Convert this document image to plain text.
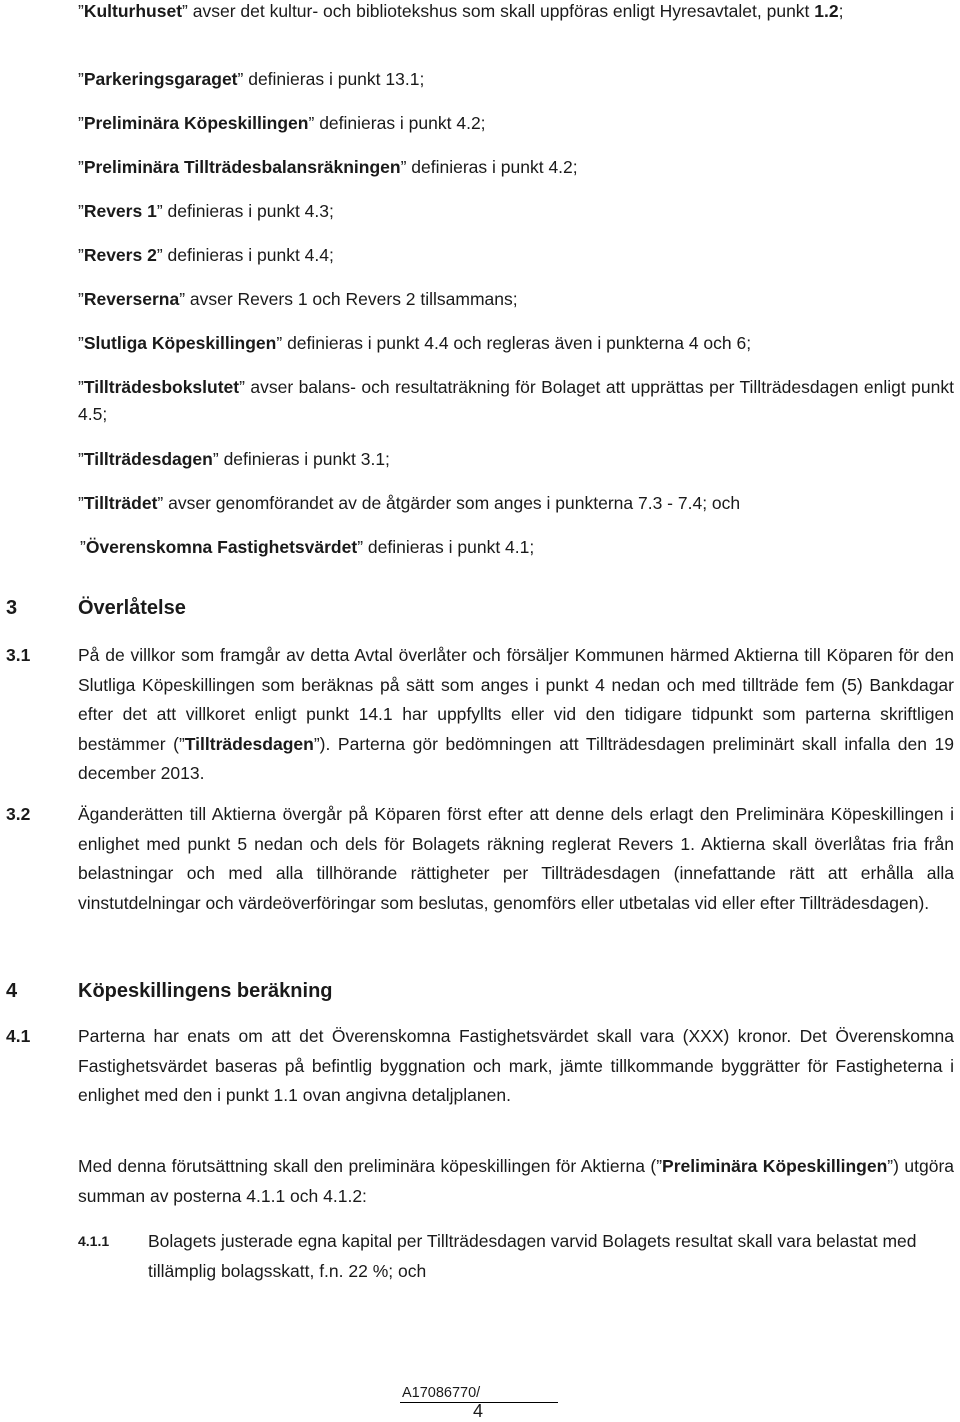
”Kulturhuset” avser det kultur- och bibliotekshus som skall uppföras enligt Hyresavtalet, punkt 1.2;

”Parkeringsgaraget” definieras i punkt 13.1;

”Preliminära Köpeskillingen” definieras i punkt 4.2;

”Preliminära Tillträdesbalansräkningen” definieras i punkt 4.2;

”Revers 1” definieras i punkt 4.3;

”Revers 2” definieras i punkt 4.4;

”Reverserna” avser Revers 1 och Revers 2 tillsammans;

”Slutliga Köpeskillingen” definieras i punkt 4.4 och regleras även i punkterna 4 och 6;

”Tillträdesbokslutet” avser balans- och resultaträkning för Bolaget att upprättas per Tillträdesdagen enligt punkt 4.5;

”Tillträdesdagen” definieras i punkt 3.1;

”Tillträdet” avser genomförandet av de åtgärder som anges i punkterna 7.3 - 7.4; och

”Överenskomna Fastighetsvärdet” definieras i punkt 4.1;

3	Överlåtelse
3.1	På de villkor som framgår av detta Avtal överlåter och försäljer Kommunen härmed Aktierna till Köparen för den Slutliga Köpeskillingen som beräknas på sätt som anges i punkt 4 nedan och med tillträde fem (5) Bankdagar efter det att villkoret enligt punkt 14.1 har uppfyllts eller vid den tidigare tidpunkt som parterna skriftligen bestämmer (”Tillträdesdagen”). Parterna gör bedömningen att Tillträdesdagen preliminärt skall infalla den 19 december 2013.
3.2	Äganderätten till Aktierna övergår på Köparen först efter att denne dels erlagt den Preliminära Köpeskillingen i enlighet med punkt 5 nedan och dels för Bolagets räkning reglerat Revers 1. Aktierna skall överlåtas fria från belastningar och med alla tillhörande rättigheter per Tillträdesdagen (innefattande rätt att erhålla alla vinstutdelningar och värdeöverföringar som beslutas, genomförs eller utbetalas vid eller efter Tillträdesdagen).
4	Köpeskillingens beräkning
4.1	Parterna har enats om att det Överenskomna Fastighetsvärdet skall vara (XXX) kronor. Det Överenskomna Fastighetsvärdet baseras på befintlig byggnation och mark, jämte tillkommande byggrätter för Fastigheterna i enlighet med den i punkt 1.1 ovan angivna detaljplanen.

Med denna förutsättning skall den preliminära köpeskillingen för Aktierna (”Preliminära Köpeskillingen”) utgöra summan av posterna 4.1.1 och 4.1.2:

4.1.1 Bolagets justerade egna kapital per Tillträdesdagen varvid Bolagets resultat skall vara belastat med tillämplig bolagsskatt, f.n. 22 %; och
A17086770/
4
